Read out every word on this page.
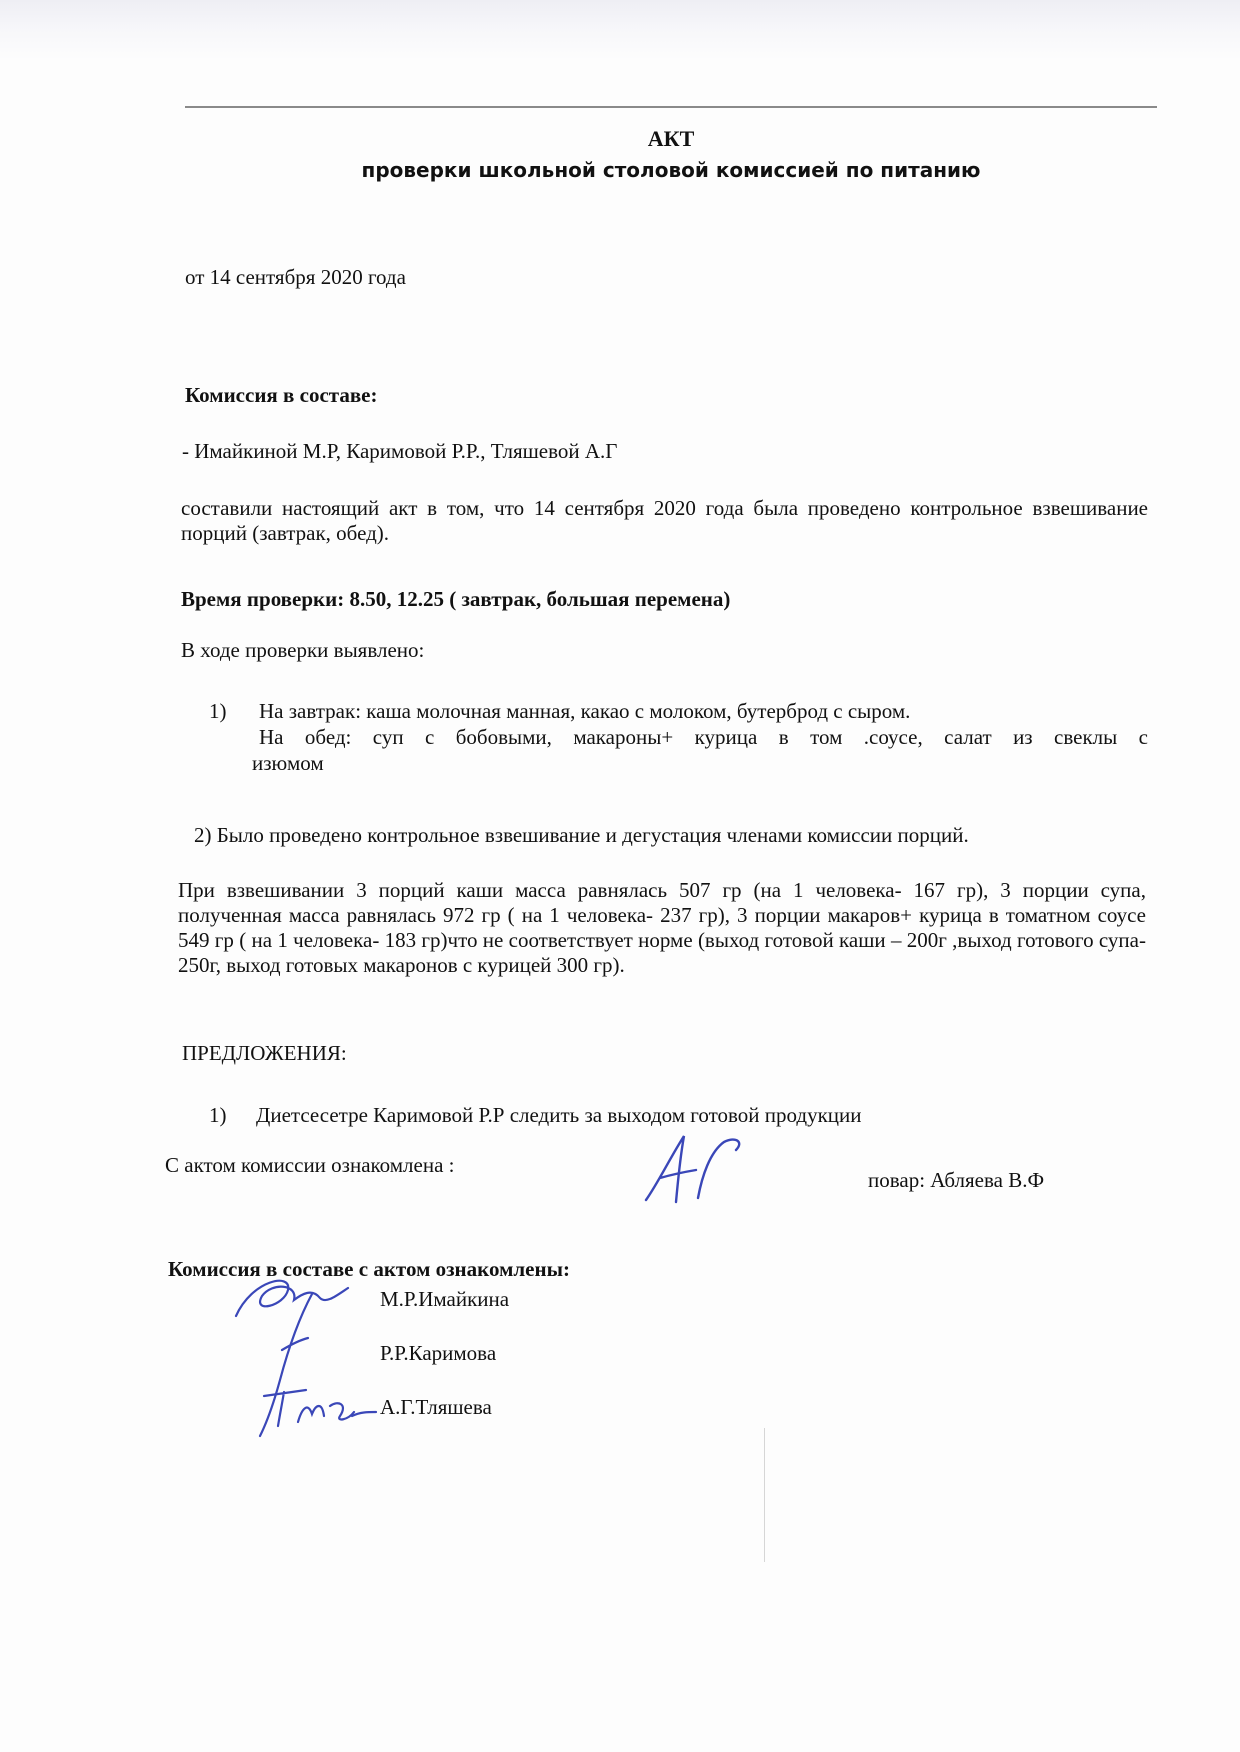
АКТ
проверки школьной столовой комиссией по питанию
от 14 сентября 2020 года
Комиссия в составе:
- Имайкиной М.Р, Каримовой Р.Р., Тляшевой А.Г
составили настоящий акт в том, что 14 сентября 2020 года была проведено контрольное взвешивание порций (завтрак, обед).
Время проверки: 8.50, 12.25 ( завтрак, большая перемена)
В ходе проверки выявлено:
1) На завтрак: каша молочная манная, какао с молоком, бутерброд с сыром.
На обед: суп с бобовыми, макароны+ курица в том .соусе, салат из свеклы с
изюмом
2) Было проведено контрольное взвешивание и дегустация членами комиссии порций.
При взвешивании 3 порций каши масса равнялась 507 гр (на 1 человека- 167 гр), 3 порции супа, полученная масса равнялась 972 гр ( на 1 человека- 237 гр), 3 порции макаров+ курица в томатном соусе 549 гр ( на 1 человека- 183 гр)что не соответствует норме (выход готовой каши – 200г ,выход готового супа- 250г, выход готовых макаронов с курицей 300 гр).
ПРЕДЛОЖЕНИЯ:
1) Диетсесетре Каримовой Р.Р следить за выходом готовой продукции
С актом комиссии ознакомлена :
повар: Абляева В.Ф
Комиссия в составе с актом ознакомлены:
М.Р.Имайкина
Р.Р.Каримова
А.Г.Тляшева
